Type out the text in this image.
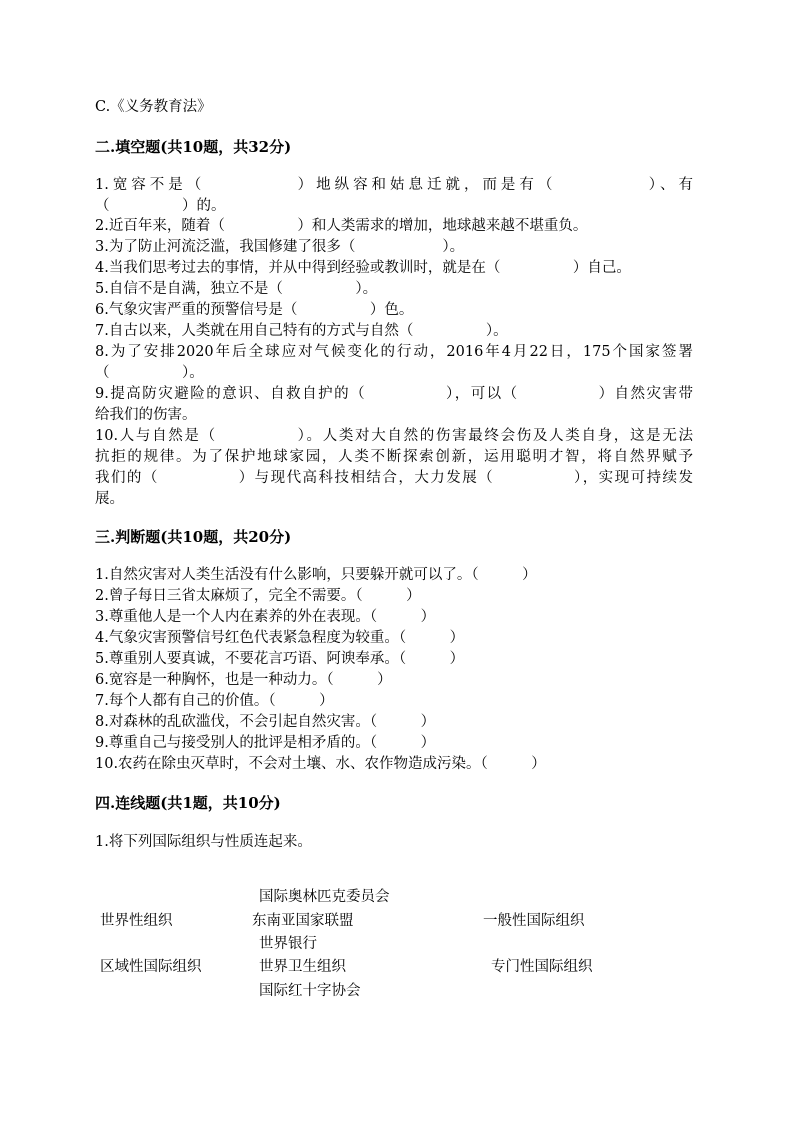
C.《义务教育法》
二.填空题(共10题，共32分)
1.宽容不是（　　　　　）地纵容和姑息迁就，而是有（　　　　　）、有
（　　　　　）的。
2.近百年来，随着（　　　　　）和人类需求的增加，地球越来越不堪重负。
3.为了防止河流泛滥，我国修建了很多（　　　　　　）。
4.当我们思考过去的事情，并从中得到经验或教训时，就是在（　　　　　）自己。
5.自信不是自满，独立不是（　　　　　）。
6.气象灾害严重的预警信号是（　　　　　）色。
7.自古以来，人类就在用自己特有的方式与自然（　　　　　）。
8.为了安排2020年后全球应对气候变化的行动，2016年4月22日，175个国家签署
（　　　　　）。
9.提高防灾避险的意识、自救自护的（　　　　　），可以（　　　　　）自然灾害带
给我们的伤害。
10.人与自然是（　　　　　）。人类对大自然的伤害最终会伤及人类自身，这是无法
抗拒的规律。为了保护地球家园，人类不断探索创新，运用聪明才智，将自然界赋予
我们的（　　　　　）与现代高科技相结合，大力发展（　　　　　），实现可持续发
展。
三.判断题(共10题，共20分)
1.自然灾害对人类生活没有什么影响，只要躲开就可以了。（　　　）
2.曾子每日三省太麻烦了，完全不需要。（　　　）
3.尊重他人是一个人内在素养的外在表现。（　　　）
4.气象灾害预警信号红色代表紧急程度为较重。（　　　）
5.尊重别人要真诚，不要花言巧语、阿谀奉承。（　　　）
6.宽容是一种胸怀，也是一种动力。（　　　）
7.每个人都有自己的价值。（　　　）
8.对森林的乱砍滥伐，不会引起自然灾害。（　　　）
9.尊重自己与接受别人的批评是相矛盾的。（　　　）
10.农药在除虫灭草时，不会对土壤、水、农作物造成污染。（　　　）
四.连线题(共1题，共10分)
1.将下列国际组织与性质连起来。
国际奥林匹克委员会
世界性组织	东南亚国家联盟	一般性国际组织
世界银行
区域性国际组织	世界卫生组织	专门性国际组织
国际红十字协会
